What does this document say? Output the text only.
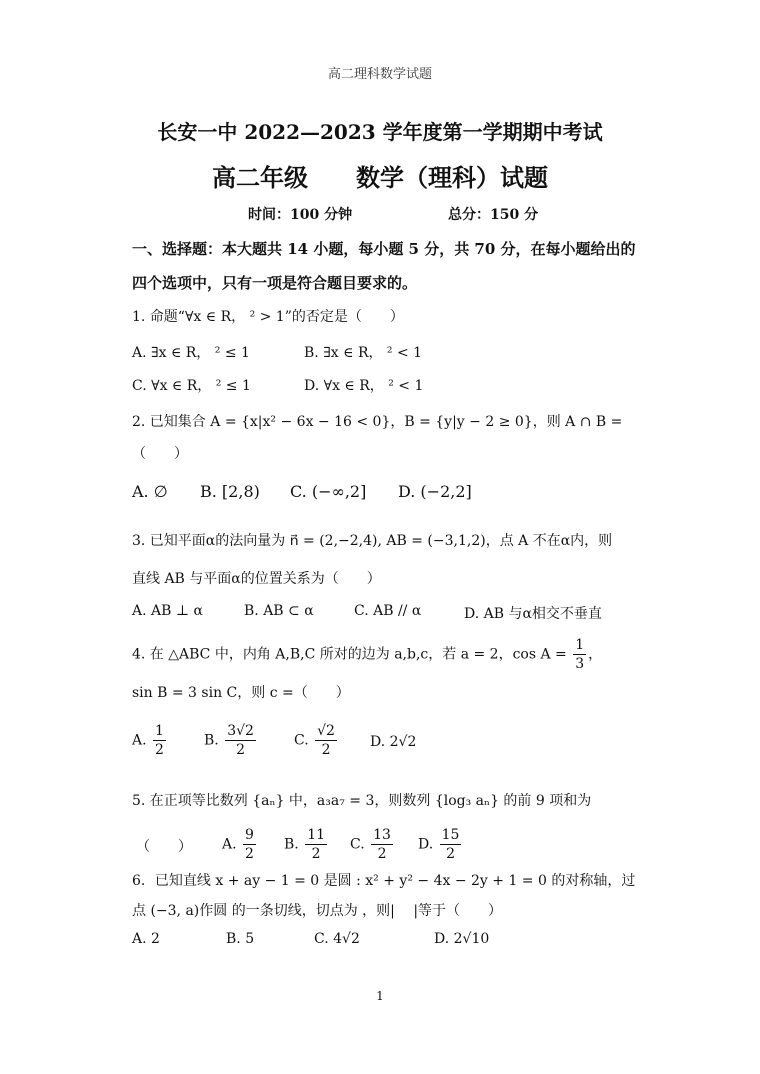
高二理科数学试题
长安一中 2022—2023 学年度第一学期期中考试
高二年级　　数学（理科）试题
时间：100 分钟	总分：150 分
一、选择题：本大题共 14 小题，每小题 5 分，共 70 分，在每小题给出的
四个选项中，只有一项是符合题目要求的。
1. 命题“∀x ∈ R， ² > 1”的否定是（　　）
A. ∃x ∈ R， ² ≤ 1	B. ∃x ∈ R， ² < 1
C. ∀x ∈ R， ² ≤ 1	D. ∀x ∈ R， ² < 1
2. 已知集合 A = {x|x² − 6x − 16 < 0}，B = {y|y − 2 ≥ 0}，则 A ∩ B =
（　　）
A. ∅ B. [2,8) C. (−∞,2] D. (−2,2]
3. 已知平面α的法向量为 n⃗ = (2,−2,4), AB = (−3,1,2)，点 A 不在α内，则
直线 AB 与平面α的位置关系为（　　）
A. AB ⊥ α	B. AB ⊂ α	C. AB // α	D. AB 与α相交不垂直
4. 在 △ABC 中，内角 A,B,C 所对的边为 a,b,c，若 a = 2，$\cos A = \frac{1}{3}$ ，
sin B = 3 sin C，则 c =（　　）
A. $\frac{1}{2}$	B. $\frac{3√2}{2}$	C. $\frac{√2}{2} D$. 2√2
5. 在正项等比数列 {aₙ} 中，a₃a₇ = 3，则数列 {log₃ aₙ} 的前 9 项和为
（　　） A. $\frac{9}{2} B$. $\frac{11}{2} C$. $\frac{13}{2} D$. $\frac{15}{2}$
6．已知直线 x + ay − 1 = 0 是圆 : x² + y² − 4x − 2y + 1 = 0 的对称轴，过
点 (−3, a)作圆 的一条切线，切点为 ，则|　 |等于（　　）
A. 2	B. 5	C. 4√2	D. 2√10
1
